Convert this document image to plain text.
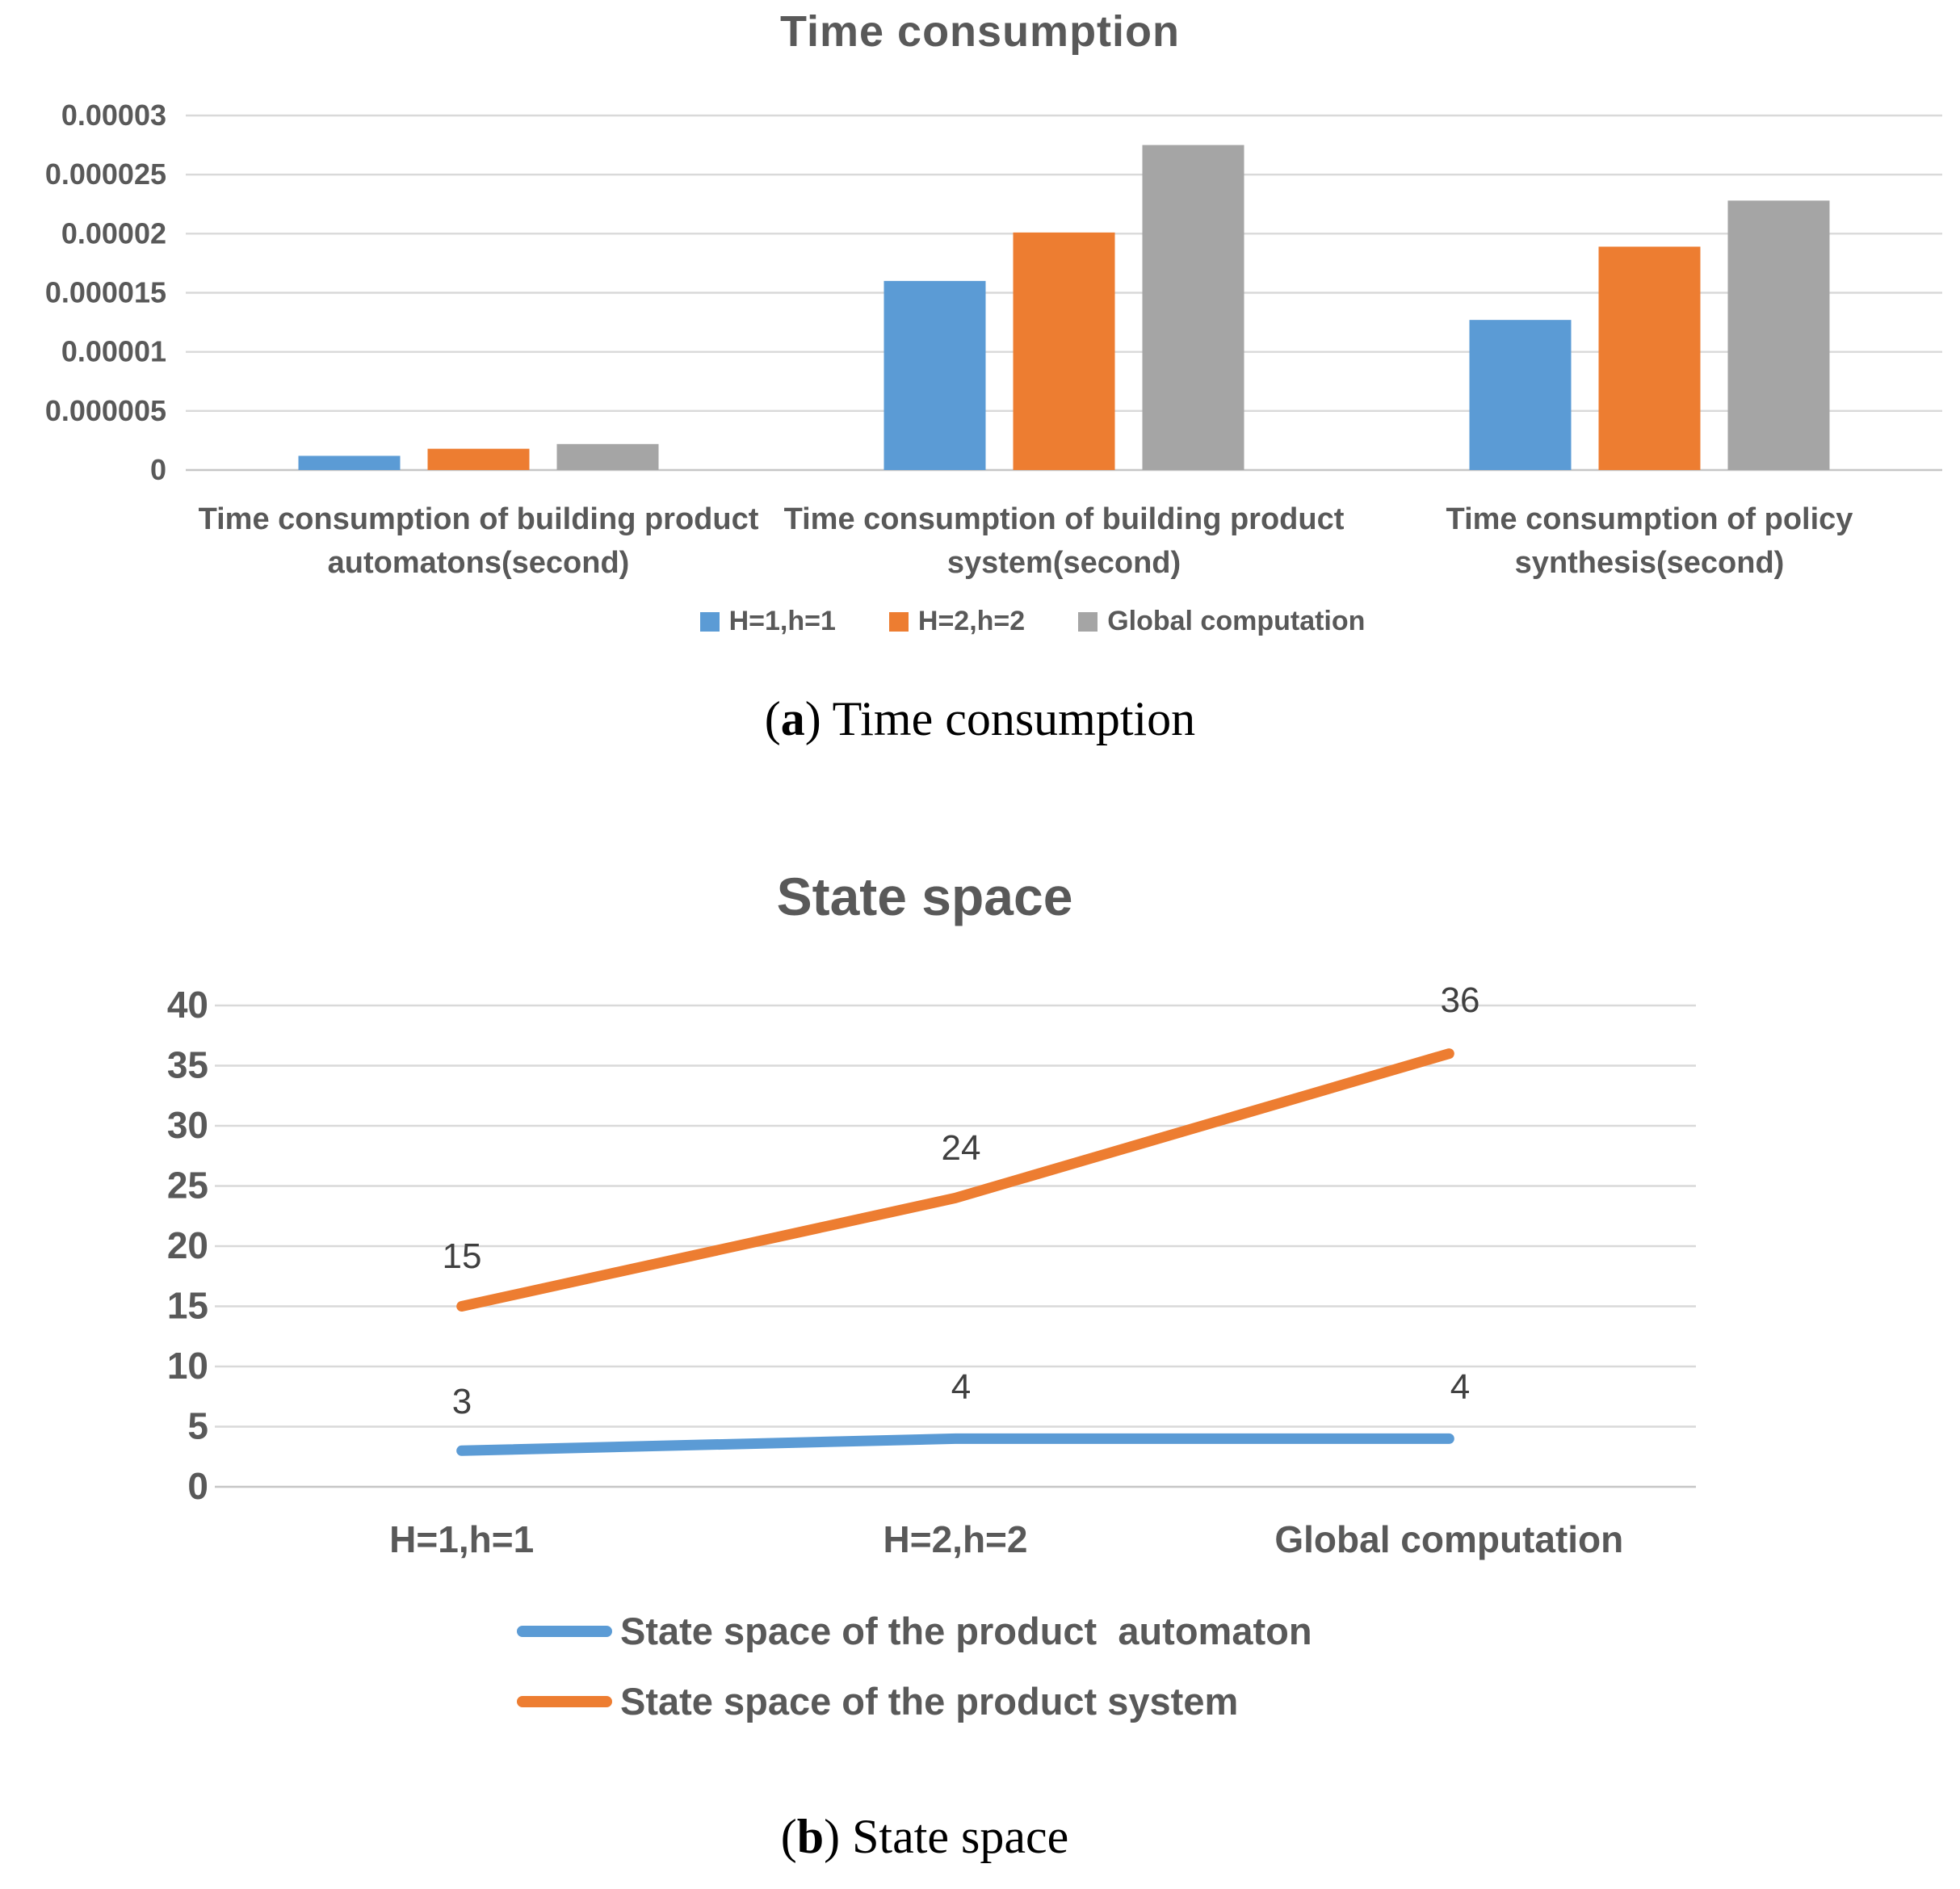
Time consumption
0
0.000005
0.00001
0.000015
0.00002
0.000025
0.00003
Time consumption of building product automatons(second)
Time consumption of building product system(second)
Time consumption of policy synthesis(second)
0
5
10
15
20
25
30
35
40
H=1,h=1	H=2,h=2	Global computation
3	4	4
15
24
36
H=1,h=1	H=2,h=2	Global computation
(a) Time consumption
State space
State space of the product  automaton
State space of the product system
(b) State space
